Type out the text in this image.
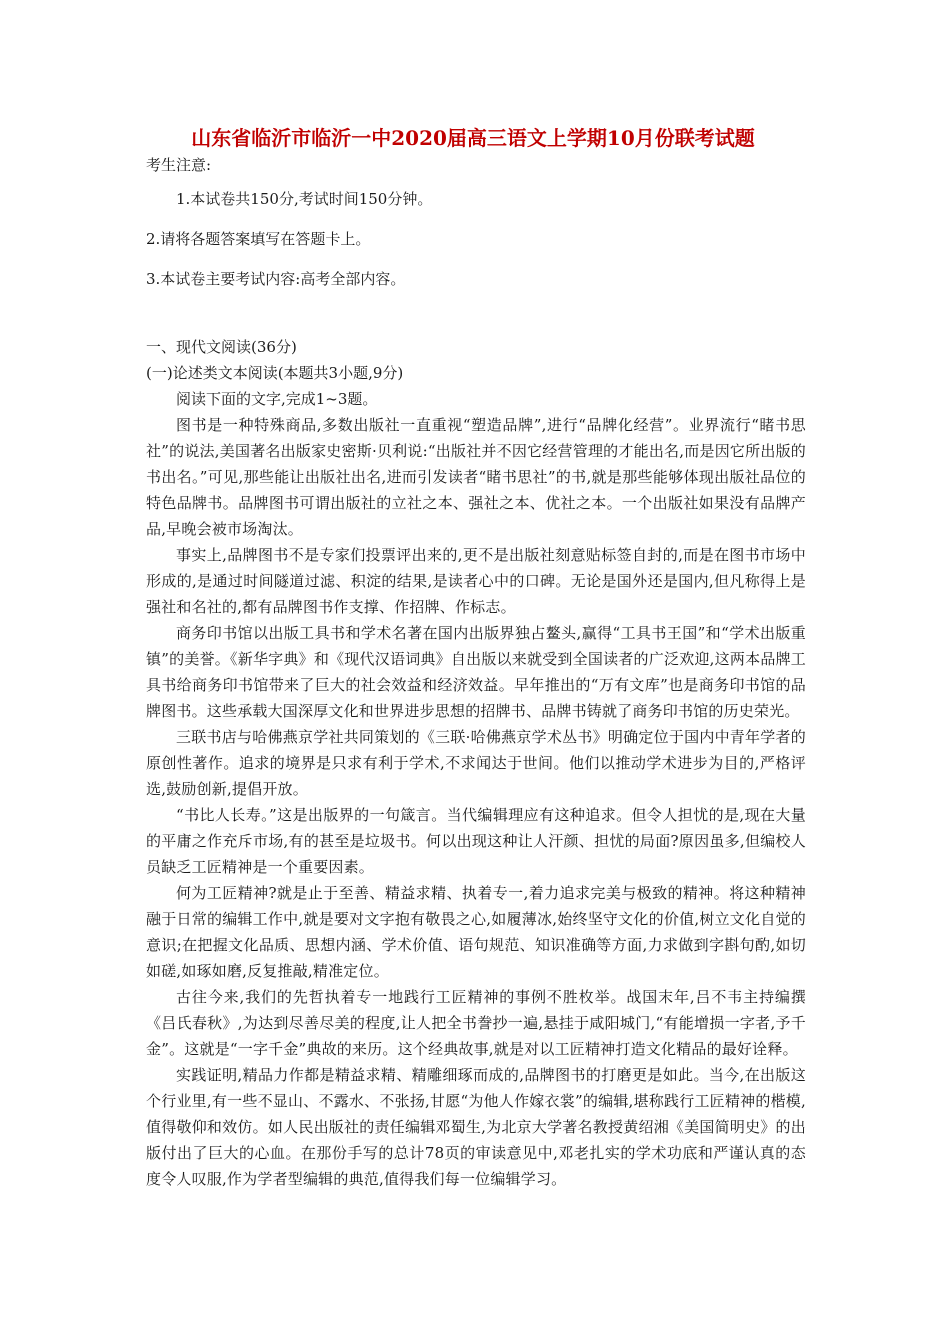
山东省临沂市临沂一中2020届高三语文上学期10月份联考试题
考生注意:
1.本试卷共150分,考试时间150分钟。
2.请将各题答案填写在答题卡上。
3.本试卷主要考试内容:高考全部内容。
一、现代文阅读(36分)
(一)论述类文本阅读(本题共3小题,9分)
阅读下面的文字,完成1~3题。

图书是一种特殊商品,多数出版社一直重视“塑造品牌”,进行“品牌化经营”。业界流行“睹书思社”的说法,美国著名出版家史密斯·贝利说:“出版社并不因它经营管理的才能出名,而是因它所出版的书出名。”可见,那些能让出版社出名,进而引发读者“睹书思社”的书,就是那些能够体现出版社品位的特色品牌书。品牌图书可谓出版社的立社之本、强社之本、优社之本。一个出版社如果没有品牌产品,早晚会被市场淘汰。

事实上,品牌图书不是专家们投票评出来的,更不是出版社刻意贴标签自封的,而是在图书市场中形成的,是通过时间隧道过滤、积淀的结果,是读者心中的口碑。无论是国外还是国内,但凡称得上是强社和名社的,都有品牌图书作支撑、作招牌、作标志。

商务印书馆以出版工具书和学术名著在国内出版界独占鳌头,赢得“工具书王国”和“学术出版重镇”的美誉。《新华字典》和《现代汉语词典》自出版以来就受到全国读者的广泛欢迎,这两本品牌工具书给商务印书馆带来了巨大的社会效益和经济效益。早年推出的“万有文库”也是商务印书馆的品牌图书。这些承载大国深厚文化和世界进步思想的招牌书、品牌书铸就了商务印书馆的历史荣光。

三联书店与哈佛燕京学社共同策划的《三联·哈佛燕京学术丛书》明确定位于国内中青年学者的原创性著作。追求的境界是只求有利于学术,不求闻达于世间。他们以推动学术进步为目的,严格评选,鼓励创新,提倡开放。

“书比人长寿。”这是出版界的一句箴言。当代编辑理应有这种追求。但令人担忧的是,现在大量的平庸之作充斥市场,有的甚至是垃圾书。何以出现这种让人汗颜、担忧的局面?原因虽多,但编校人员缺乏工匠精神是一个重要因素。

何为工匠精神?就是止于至善、精益求精、执着专一,着力追求完美与极致的精神。将这种精神融于日常的编辑工作中,就是要对文字抱有敬畏之心,如履薄冰,始终坚守文化的价值,树立文化自觉的意识;在把握文化品质、思想内涵、学术价值、语句规范、知识准确等方面,力求做到字斟句酌,如切如磋,如琢如磨,反复推敲,精准定位。

古往今来,我们的先哲执着专一地践行工匠精神的事例不胜枚举。战国末年,吕不韦主持编撰《吕氏春秋》,为达到尽善尽美的程度,让人把全书誊抄一遍,悬挂于咸阳城门,“有能增损一字者,予千金”。这就是“一字千金”典故的来历。这个经典故事,就是对以工匠精神打造文化精品的最好诠释。

实践证明,精品力作都是精益求精、精雕细琢而成的,品牌图书的打磨更是如此。当今,在出版这个行业里,有一些不显山、不露水、不张扬,甘愿“为他人作嫁衣裳”的编辑,堪称践行工匠精神的楷模,值得敬仰和效仿。如人民出版社的责任编辑邓蜀生,为北京大学著名教授黄绍湘《美国简明史》的出版付出了巨大的心血。在那份手写的总计78页的审读意见中,邓老扎实的学术功底和严谨认真的态度令人叹服,作为学者型编辑的典范,值得我们每一位编辑学习。
